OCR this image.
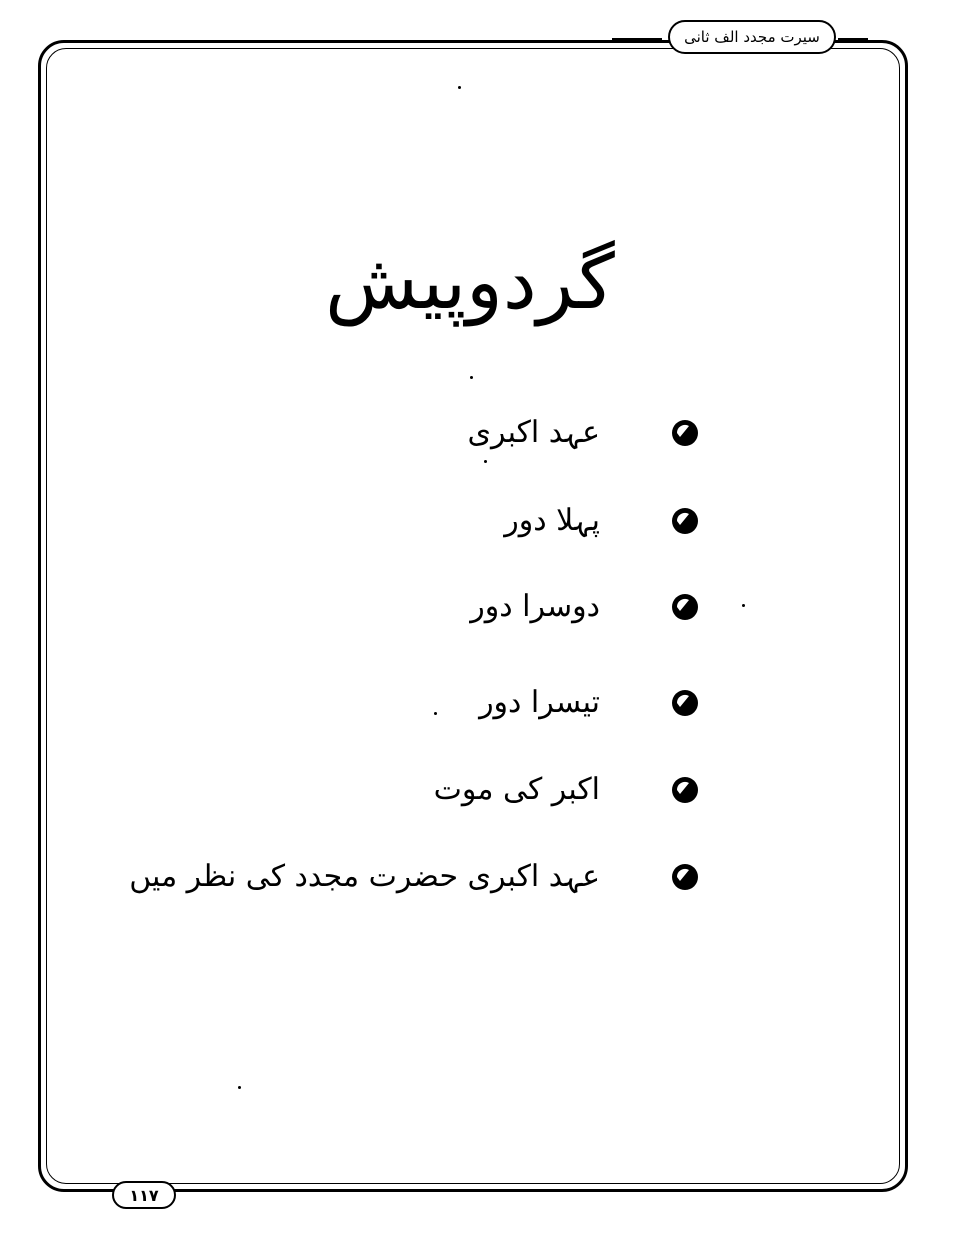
سیرت مجدد الف ثانی
گردوپیش
عہد اکبری
پہلا دور
دوسرا دور
تیسرا دور
اکبر کی موت
عہد اکبری حضرت مجدد کی نظر میں
۱۱۷
